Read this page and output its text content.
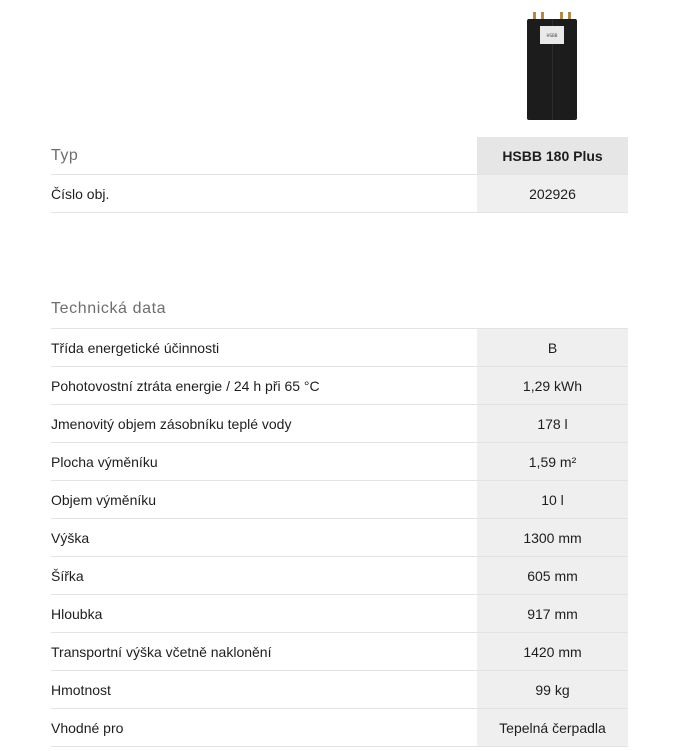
HSBB
Typ	HSBB 180 Plus
Číslo obj.	202926
Technická data
Třída energetické účinnosti	B
Pohotovostní ztráta energie / 24 h při 65 °C	1,29 kWh
Jmenovitý objem zásobníku teplé vody	178 l
Plocha výměníku	1,59 m²
Objem výměníku	10 l
Výška	1300 mm
Šířka	605 mm
Hloubka	917 mm
Transportní výška včetně naklonění	1420 mm
Hmotnost	99 kg
Vhodné pro	Tepelná čerpadla
